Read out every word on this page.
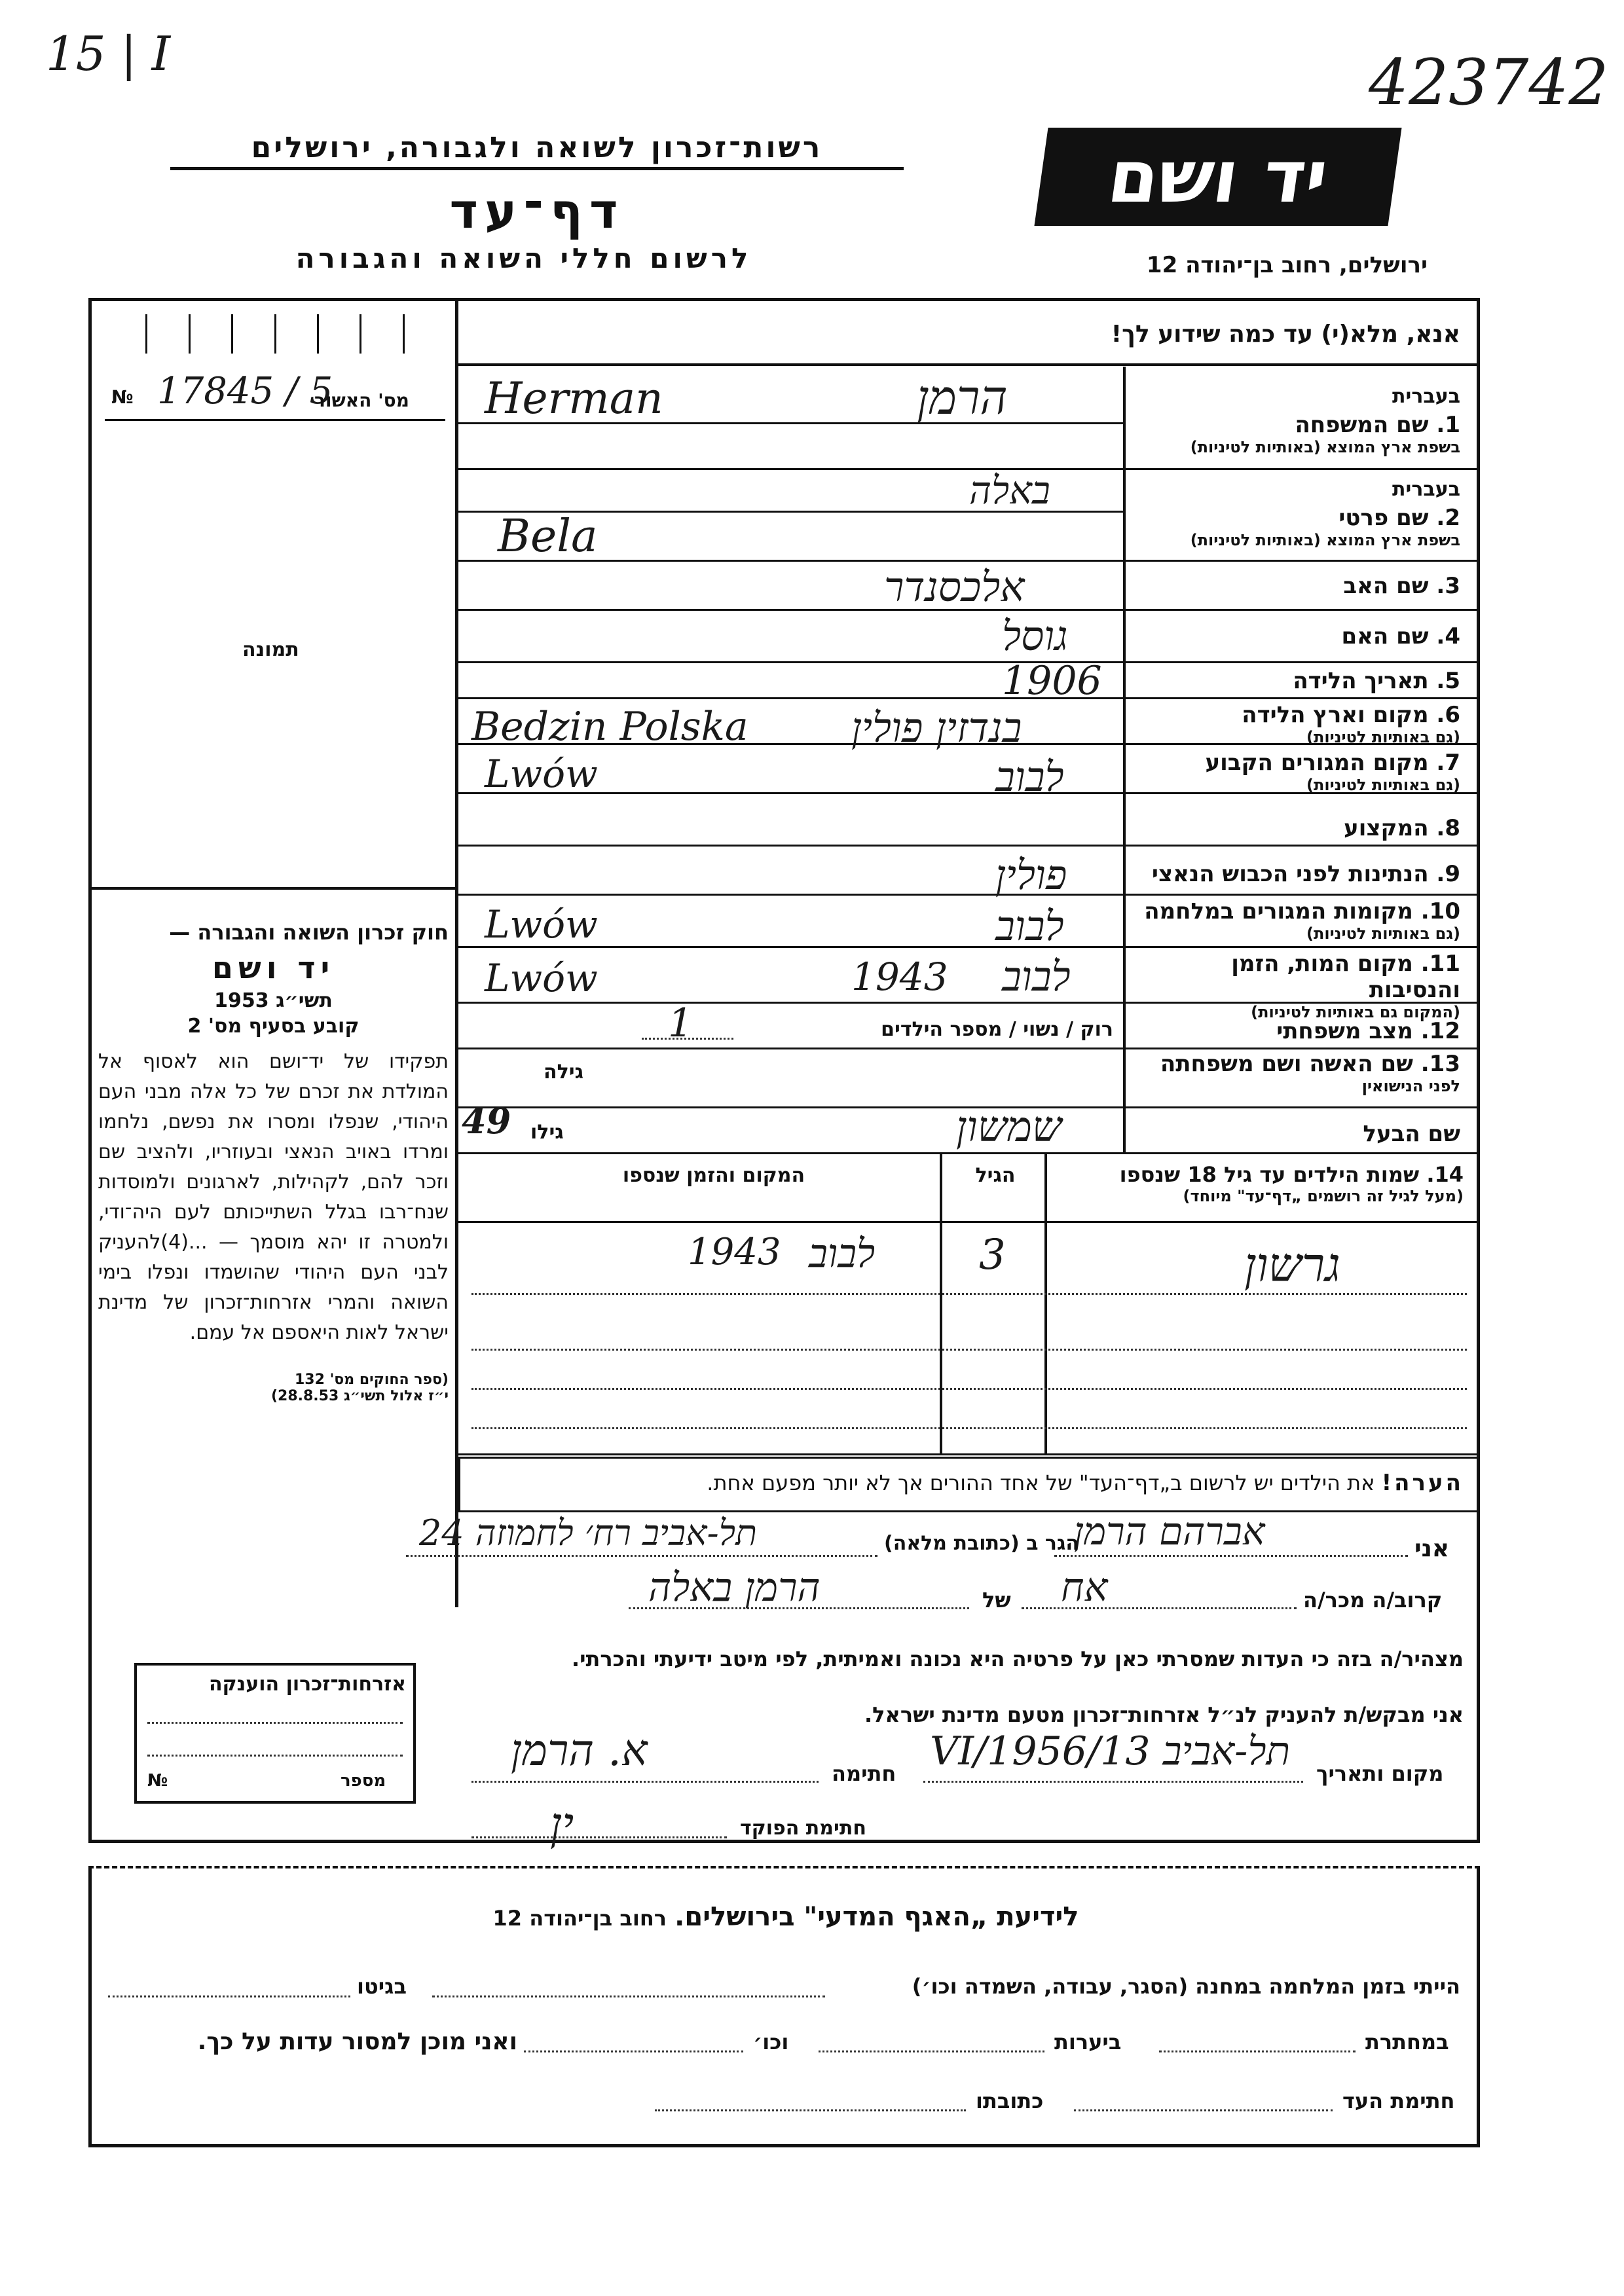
15 | I	423742
רשות־זכרון לשואה ולגבורה, ירושלים
דף־עד
לרשום חללי השואה והגבורה
יד ושם
ירושלים, רחוב בן־יהודה 12
אנא, מלא(י) עד כמה שידוע לך!
№ 17845 / 5
מס' האשור
תמונה
בעברית
1. שם המשפחה
בשפת ארץ המוצא (באותיות לטיניות)
הרמן
Herman
בעברית
2. שם פרטי
בשפת ארץ המוצא (באותיות לטיניות)
באלה
Bela
3. שם האב
אלכסנדר
4. שם האם
גוסל
5. תאריך הלידה
1906
6. מקום וארץ הלידה
(גם באותיות לטיניות)
בנדזין פולין
Bedzin Polska
7. מקום המגורים הקבוע
(גם באותיות לטיניות)
לבוב
Lwów
8. המקצוע
9. הנתינות לפני הכבוש הנאצי
פולין
10. מקומות המגורים במלחמה
(גם באותיות לטיניות)
לבוב
Lwów
11. מקום המות, הזמן והנסיבות
(המקום גם באותיות לטיניות)
לבוב
1943
Lwów
12. מצב משפחתי
רוק / נשוי / מספר הילדים
1
13. שם האשה ושם משפחתה
לפני הנישואין
גילה
שם הבעל
שמשון
גילו
49
14. שמות הילדים עד גיל 18 שנספו
(מעל לגיל זה רושמים „דף־עד" מיוחד)
הגיל
המקום והזמן שנספו
גרשון
3
לבוב
1943
חוק זכרון השואה והגבורה —
יד ושם
תשי״ג 1953
קובע בסעיף מס' 2
תפקידו של יד־ושם הוא לאסוף אל המולדת את זכרם של כל אלה מבני העם היהודי, שנפלו ומסרו את נפשם, נלחמו ומרדו באויב הנאצי ובעוזריו, ולהציב שם וזכר להם, לקהילות, לארגונים ולמוסדות שנח־רבו בגלל השתייכותם לעם היה־ודי, ולמטרה זו יהא מוסמך — ...(4)להעניק לבני העם היהודי שהושמדו ונפלו בימי השואה והמרי אזרחות־זכרון של מדינת ישראל לאות היאספם אל עמם.
(ספר החוקים מס' 132
י״ז אלול תשי״ג 28.8.53)
הערה! את הילדים יש לרשום ב„דף־העד" של אחד ההורים אך לא יותר מפעם אחת.
אני
אברהם הרמן
הגר ב (כתובת מלאה)
תל-אביב רח׳ לחמוזה 24
קרוב/ה מכר/ה
אח
של
הרמן באלה
מצהיר/ה בזה כי העדות שמסרתי כאן על פרטיה היא נכונה ואמיתית, לפי מיטב ידיעתי והכרתי.
אני מבקש/ת להעניק לנ״ל אזרחות־זכרון מטעם מדינת ישראל.
מקום ותאריך
תל-אביב 13/VI/1956
חתימה
א. הרמן
חתימת הפוקד
ין
אזרחות־זכרון הוענקה
№	מספר
לידיעת „האגף המדעי" בירושלים. רחוב בן־יהודה 12
הייתי בזמן המלחמה במחנה (הסגר, עבודה, השמדה וכו׳)
בגיטו
במחתרת
ביערות
וכו׳
ואני מוכן למסור עדות על כך.
חתימת העד
כתובתו
